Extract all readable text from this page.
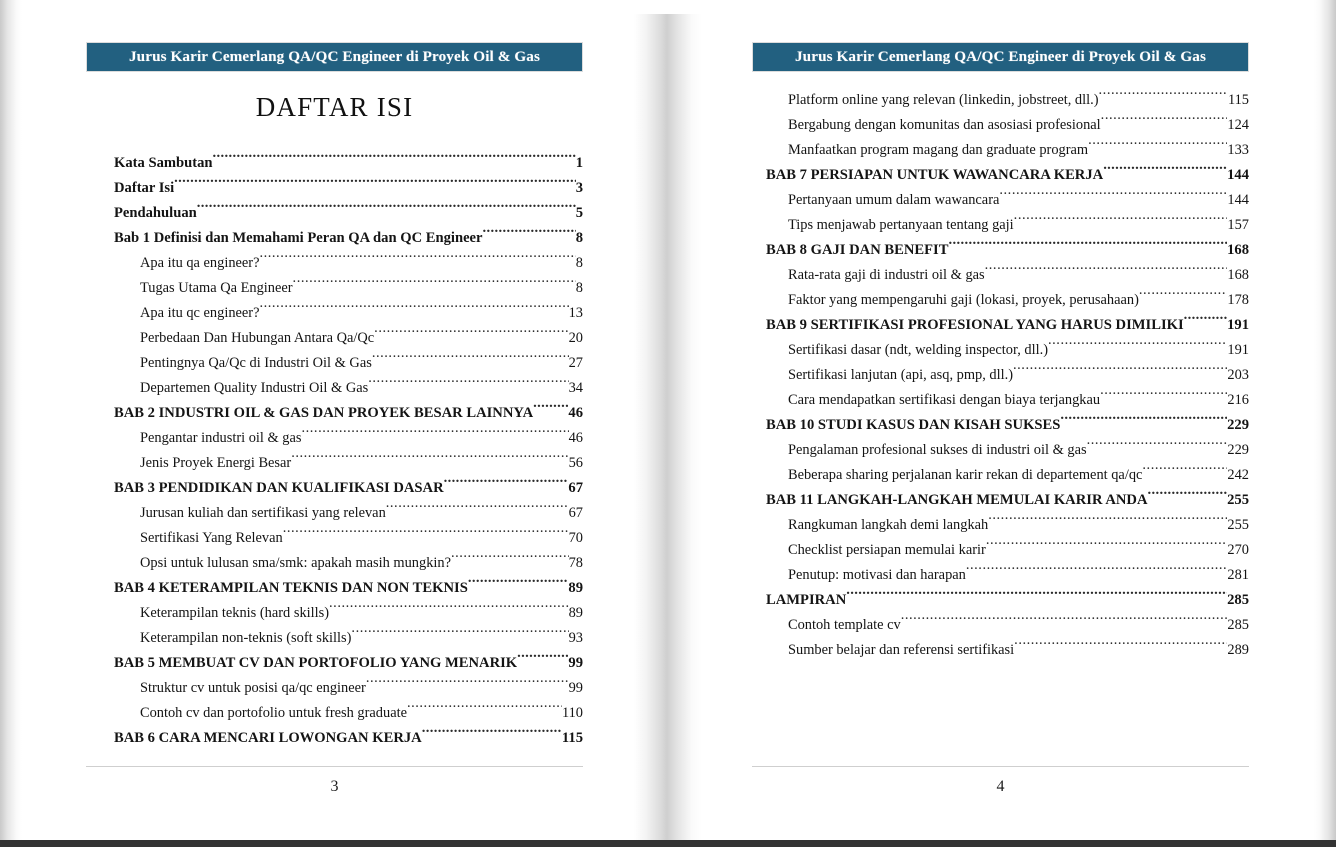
Jurus Karir Cemerlang QA/QC Engineer di Proyek Oil & Gas
DAFTAR ISI
Kata Sambutan .....	1
Daftar Isi .....	3
Pendahuluan .....	5
Bab 1 Definisi dan Memahami Peran QA dan QC Engineer .....	8
Apa itu qa engineer? .....	8
Tugas Utama Qa Engineer .....	8
Apa itu qc engineer? .....	13
Perbedaan Dan Hubungan Antara Qa/Qc .....	20
Pentingnya Qa/Qc di Industri Oil & Gas .....	27
Departemen Quality Industri Oil & Gas .....	34
BAB 2 INDUSTRI OIL & GAS DAN PROYEK BESAR LAINNYA ..... 46
Pengantar industri oil & gas .....	46
Jenis Proyek Energi Besar .....	56
BAB 3 PENDIDIKAN DAN KUALIFIKASI DASAR .....	67
Jurusan kuliah dan sertifikasi yang relevan .....	67
Sertifikasi Yang Relevan .....	70
Opsi untuk lulusan sma/smk: apakah masih mungkin? .....	78
BAB 4 KETERAMPILAN TEKNIS DAN NON TEKNIS .....	89
Keterampilan teknis (hard skills) .....	89
Keterampilan non-teknis (soft skills) .....	93
BAB 5 MEMBUAT CV DAN PORTOFOLIO YANG MENARIK .....	99
Struktur cv untuk posisi qa/qc engineer .....	99
Contoh cv dan portofolio untuk fresh graduate .....	110
BAB 6 CARA MENCARI LOWONGAN KERJA .....	115
3
Jurus Karir Cemerlang QA/QC Engineer di Proyek Oil & Gas
Platform online yang relevan (linkedin, jobstreet, dll.) .....	115
Bergabung dengan komunitas dan asosiasi profesional .....	124
Manfaatkan program magang dan graduate program .....	133
BAB 7 PERSIAPAN UNTUK WAWANCARA KERJA .....	144
Pertanyaan umum dalam wawancara .....	144
Tips menjawab pertanyaan tentang gaji .....	157
BAB 8 GAJI DAN BENEFIT .....	168
Rata-rata gaji di industri oil & gas .....	168
Faktor yang mempengaruhi gaji (lokasi, proyek, perusahaan) .....	178
BAB 9 SERTIFIKASI PROFESIONAL YANG HARUS DIMILIKI .....	191
Sertifikasi dasar (ndt, welding inspector, dll.) .....	191
Sertifikasi lanjutan (api, asq, pmp, dll.) .....	203
Cara mendapatkan sertifikasi dengan biaya terjangkau .....	216
BAB 10 STUDI KASUS DAN KISAH SUKSES .....	229
Pengalaman profesional sukses di industri oil & gas .....	229
Beberapa sharing perjalanan karir rekan di departement qa/qc .....	242
BAB 11 LANGKAH-LANGKAH MEMULAI KARIR ANDA .....	255
Rangkuman langkah demi langkah .....	255
Checklist persiapan memulai karir .....	270
Penutup: motivasi dan harapan .....	281
LAMPIRAN .....	285
Contoh template cv .....	285
Sumber belajar dan referensi sertifikasi .....	289
4
